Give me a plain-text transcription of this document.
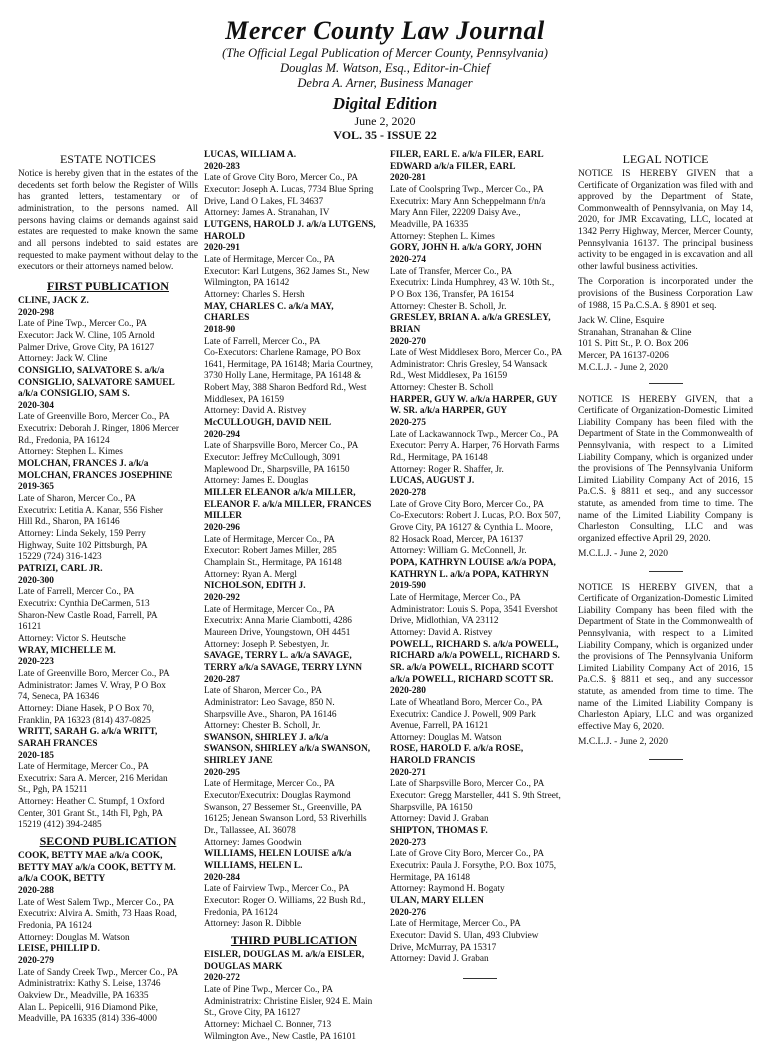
Mercer County Law Journal
(The Official Legal Publication of Mercer County, Pennsylvania)
Douglas M. Watson, Esq., Editor-in-Chief
Debra A. Arner, Business Manager
Digital Edition
June 2, 2020
VOL. 35 - ISSUE 22
ESTATE NOTICES

Notice is hereby given that in the estates of the decedents set forth below the Register of Wills has granted letters, testamentary or of administration, to the persons named. All persons having claims or demands against said estates are requested to make known the same and all persons indebted to said estates are requested to make payment without delay to the executors or their attorneys named below.

FIRST PUBLICATION
CLINE, JACK Z.
2020-298
Late of Pine Twp., Mercer Co., PA
Executor: Jack W. Cline, 105 Arnold
Palmer Drive, Grove City, PA 16127
Attorney: Jack W. Cline
CONSIGLIO, SALVATORE S. a/k/a
CONSIGLIO, SALVATORE SAMUEL
a/k/a CONSIGLIO, SAM S.
2020-304
Late of Greenville Boro, Mercer Co., PA
Executrix: Deborah J. Ringer, 1806 Mercer
Rd., Fredonia, PA 16124
Attorney: Stephen L. Kimes
MOLCHAN, FRANCES J. a/k/a
MOLCHAN, FRANCES JOSEPHINE
2019-365
Late of Sharon, Mercer Co., PA
Executrix: Letitia A. Kanar, 556 Fisher
Hill Rd., Sharon, PA 16146
Attorney: Linda Sekely, 159 Perry
Highway, Suite 102 Pittsburgh, PA
15229 (724) 316-1423
PATRIZI, CARL JR.
2020-300
Late of Farrell, Mercer Co., PA
Executrix: Cynthia DeCarmen, 513
Sharon-New Castle Road, Farrell, PA
16121
Attorney: Victor S. Heutsche
WRAY, MICHELLE M.
2020-223
Late of Greenville Boro, Mercer Co., PA
Administrator: James V. Wray, P O Box
74, Seneca, PA 16346
Attorney: Diane Hasek, P O Box 70,
Franklin, PA 16323 (814) 437-0825
WRITT, SARAH G. a/k/a WRITT,
SARAH FRANCES
2020-185
Late of Hermitage, Mercer Co., PA
Executrix: Sara A. Mercer, 216 Meridan
St., Pgh, PA 15211
Attorney: Heather C. Stumpf, 1 Oxford
Center, 301 Grant St., 14th Fl, Pgh, PA
15219 (412) 394-2485
SECOND PUBLICATION
COOK, BETTY MAE a/k/a COOK,
BETTY MAY a/k/a COOK, BETTY M.
a/k/a COOK, BETTY
2020-288
Late of West Salem Twp., Mercer Co., PA
Executrix: Alvira A. Smith, 73 Haas Road,
Fredonia, PA 16124
Attorney: Douglas M. Watson
LEISE, PHILLIP D.
2020-279
Late of Sandy Creek Twp., Mercer Co., PA
Administratrix: Kathy S. Leise, 13746
Oakview Dr., Meadville, PA 16335
Alan L. Pepicelli, 916 Diamond Pike,
Meadville, PA 16335 (814) 336-4000
LUCAS, WILLIAM A.
2020-283
Late of Grove City Boro, Mercer Co., PA
Executor: Joseph A. Lucas, 7734 Blue Spring
Drive, Land O Lakes, FL 34637
Attorney: James A. Stranahan, IV
LUTGENS, HAROLD J. a/k/a LUTGENS,
HAROLD
2020-291
Late of Hermitage, Mercer Co., PA
Executor: Karl Lutgens, 362 James St., New
Wilmington, PA 16142
Attorney: Charles S. Hersh
MAY, CHARLES C. a/k/a MAY,
CHARLES
2018-90
Late of Farrell, Mercer Co., PA
Co-Executors: Charlene Ramage, PO Box
1641, Hermitage, PA 16148; Maria Courtney,
3730 Holly Lane, Hermitage, PA 16148 &
Robert May, 388 Sharon Bedford Rd., West
Middlesex, PA 16159
Attorney: David A. Ristvey
McCULLOUGH, DAVID NEIL
2020-294
Late of Sharpsville Boro, Mercer Co., PA
Executor: Jeffrey McCullough, 3091
Maplewood Dr., Sharpsville, PA 16150
Attorney: James E. Douglas
MILLER ELEANOR a/k/a MILLER,
ELEANOR F. a/k/a MILLER, FRANCES
MILLER
2020-296
Late of Hermitage, Mercer Co., PA
Executor: Robert James Miller, 285
Champlain St., Hermitage, PA 16148
Attorney: Ryan A. Mergl
NICHOLSON, EDITH J.
2020-292
Late of Hermitage, Mercer Co., PA
Executrix: Anna Marie Ciambotti, 4286
Maureen Drive, Youngstown, OH 4451
Attorney: Joseph P. Sebestyen, Jr.
SAVAGE, TERRY L. a/k/a SAVAGE,
TERRY a/k/a SAVAGE, TERRY LYNN
2020-287
Late of Sharon, Mercer Co., PA
Administrator: Leo Savage, 850 N.
Sharpsville Ave., Sharon, PA 16146
Attorney: Chester B. Scholl, Jr.
SWANSON, SHIRLEY J. a/k/a
SWANSON, SHIRLEY a/k/a SWANSON,
SHIRLEY JANE
2020-295
Late of Hermitage, Mercer Co., PA
Executor/Executrix: Douglas Raymond
Swanson, 27 Bessemer St., Greenville, PA
16125; Jenean Swanson Lord, 53 Riverhills
Dr., Tallassee, AL 36078
Attorney: James Goodwin
WILLIAMS, HELEN LOUISE a/k/a
WILLIAMS, HELEN L.
2020-284
Late of Fairview Twp., Mercer Co., PA
Executor: Roger O. Williams, 22 Bush Rd.,
Fredonia, PA 16124
Attorney: Jason R. Dibble
THIRD PUBLICATION
EISLER, DOUGLAS M. a/k/a EISLER,
DOUGLAS MARK
2020-272
Late of Pine Twp., Mercer Co., PA
Administratrix: Christine Eisler, 924 E. Main
St., Grove City, PA 16127
Attorney: Michael C. Bonner, 713
Wilmington Ave., New Castle, PA 16101
FILER, EARL E. a/k/a FILER, EARL
EDWARD a/k/a FILER, EARL
2020-281
Late of Coolspring Twp., Mercer Co., PA
Executrix: Mary Ann Scheppelmann f/n/a
Mary Ann Filer, 22209 Daisy Ave.,
Meadville, PA 16335
Attorney: Stephen L. Kimes
GORY, JOHN H. a/k/a GORY, JOHN
2020-274
Late of Transfer, Mercer Co., PA
Executrix: Linda Humphrey, 43 W. 10th St.,
P O Box 136, Transfer, PA 16154
Attorney: Chester B. Scholl, Jr.
GRESLEY, BRIAN A. a/k/a GRESLEY,
BRIAN
2020-270
Late of West Middlesex Boro, Mercer Co., PA
Administrator: Chris Gresley, 54 Wansack
Rd., West Middlesex, Pa 16159
Attorney: Chester B. Scholl
HARPER, GUY W. a/k/a HARPER, GUY
W. SR. a/k/a HARPER, GUY
2020-275
Late of Lackawannock Twp., Mercer Co., PA
Executor: Perry A. Harper, 76 Horvath Farms
Rd., Hermitage, PA 16148
Attorney: Roger R. Shaffer, Jr.
LUCAS, AUGUST J.
2020-278
Late of Grove City Boro, Mercer Co., PA
Co-Executors: Robert J. Lucas, P.O. Box 507,
Grove City, PA 16127 & Cynthia L. Moore,
82 Hosack Road, Mercer, PA 16137
Attorney: William G. McConnell, Jr.
POPA, KATHRYN LOUISE a/k/a POPA,
KATHRYN L. a/k/a POPA, KATHRYN
2019-590
Late of Hermitage, Mercer Co., PA
Administrator: Louis S. Popa, 3541 Evershot
Drive, Midlothian, VA 23112
Attorney: David A. Ristvey
POWELL, RICHARD S. a/k/a POWELL,
RICHARD a/k/a POWELL, RICHARD S.
SR. a/k/a POWELL, RICHARD SCOTT
a/k/a POWELL, RICHARD SCOTT SR.
2020-280
Late of Wheatland Boro, Mercer Co., PA
Executrix: Candice J. Powell, 909 Park
Avenue, Farrell, PA 16121
Attorney: Douglas M. Watson
ROSE, HAROLD F. a/k/a ROSE,
HAROLD FRANCIS
2020-271
Late of Sharpsville Boro, Mercer Co., PA
Executor: Gregg Marsteller, 441 S. 9th Street,
Sharpsville, PA 16150
Attorney: David J. Graban
SHIPTON, THOMAS F.
2020-273
Late of Grove City Boro, Mercer Co., PA
Executrix: Paula J. Forsythe, P.O. Box 1075,
Hermitage, PA 16148
Attorney: Raymond H. Bogaty
ULAN, MARY ELLEN
2020-276
Late of Hermitage, Mercer Co., PA
Executor: David S. Ulan, 493 Clubview
Drive, McMurray, PA 15317
Attorney: David J. Graban
LEGAL NOTICE

NOTICE IS HEREBY GIVEN that a Certificate of Organization was filed with and approved by the Department of State, Commonwealth of Pennsylvania, on May 14, 2020, for JMR Excavating, LLC, located at 1342 Perry Highway, Mercer, Mercer County, Pennsylvania 16137. The principal business activity to be engaged in is excavation and all other lawful business activities.

The Corporation is incorporated under the provisions of the Business Corporation Law of 1988, 15 Pa.C.S.A. § 8901 et seq.

Jack W. Cline, Esquire
Stranahan, Stranahan & Cline
101 S. Pitt St., P. O. Box 206
Mercer, PA 16137-0206
M.C.L.J. - June 2, 2020

NOTICE IS HEREBY GIVEN, that a Certificate of Organization-Domestic Limited Liability Company has been filed with the Department of State in the Commonwealth of Pennsylvania, with respect to a Limited Liability Company, which is organized under the provisions of The Pennsylvania Uniform Limited Liability Company Act of 2016, 15 Pa.C.S. § 8811 et seq., and any successor statute, as amended from time to time. The name of the Limited Liability Company is Charleston Consulting, LLC and was organized effective April 29, 2020.

M.C.L.J. - June 2, 2020

NOTICE IS HEREBY GIVEN, that a Certificate of Organization-Domestic Limited Liability Company has been filed with the Department of State in the Commonwealth of Pennsylvania, with respect to a Limited Liability Company, which is organized under the provisions of The Pennsylvania Uniform Limited Liability Company Act of 2016, 15 Pa.C.S. § 8811 et seq., and any successor statute, as amended from time to time. The name of the Limited Liability Company is Charleston Apiary, LLC and was organized effective May 6, 2020.

M.C.L.J. - June 2, 2020
